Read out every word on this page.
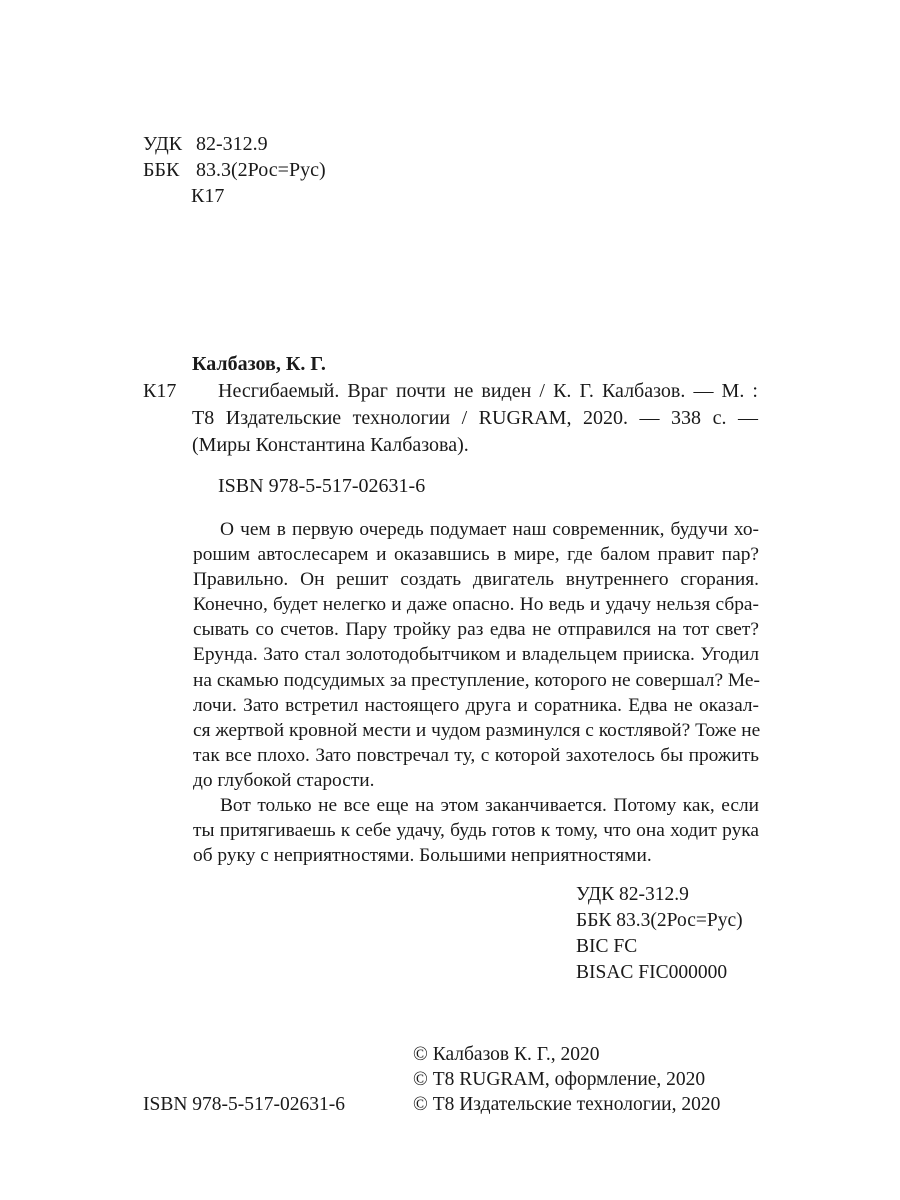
УДК 82-312.9
ББК 83.3(2Рос=Рус)
К17
Калбазов, К. Г.
К17 Несгибаемый. Враг почти не виден / К. Г. Калбазов. — М. :
Т8 Издательские технологии / RUGRAM, 2020. — 338 с. —
(Миры Константина Калбазова).
ISBN 978-5-517-02631-6
О чем в первую очередь подумает наш современник, будучи хо-
рошим автослесарем и оказавшись в мире, где балом правит пар?
Правильно. Он решит создать двигатель внутреннего сгорания.
Конечно, будет нелегко и даже опасно. Но ведь и удачу нельзя сбра-
сывать со счетов. Пару тройку раз едва не отправился на тот свет?
Ерунда. Зато стал золотодобытчиком и владельцем прииска. Угодил
на скамью подсудимых за преступление, которого не совершал? Ме-
лочи. Зато встретил настоящего друга и соратника. Едва не оказал-
ся жертвой кровной мести и чудом разминулся с костлявой? Тоже не
так все плохо. Зато повстречал ту, с которой захотелось бы прожить
до глубокой старости.
Вот только не все еще на этом заканчивается. Потому как, если
ты притягиваешь к себе удачу, будь готов к тому, что она ходит рука
об руку с неприятностями. Большими неприятностями.
УДК 82-312.9
ББК 83.3(2Рос=Рус)
BIC FC
BISAC FIC000000
© Калбазов К. Г., 2020
© Т8 RUGRAM, оформление, 2020
© Т8 Издательские технологии, 2020
ISBN 978-5-517-02631-6
